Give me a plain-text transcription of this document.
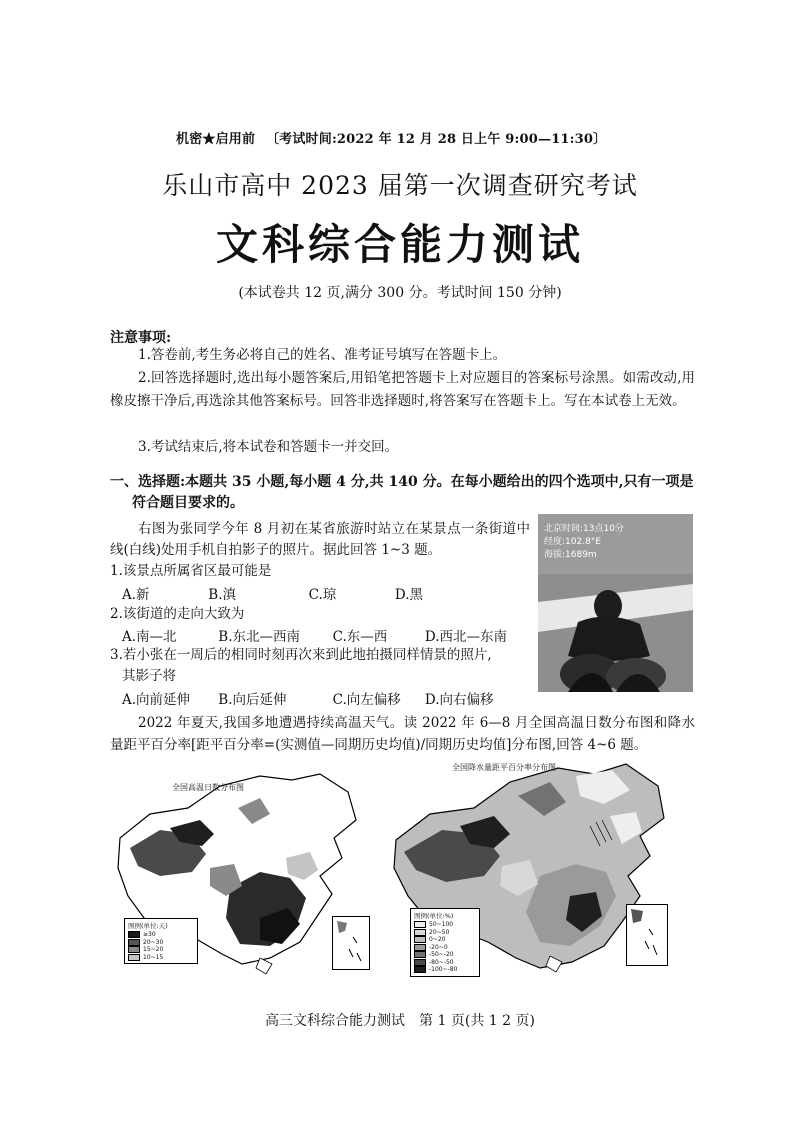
机密★启用前 〔考试时间:2022 年 12 月 28 日上午 9:00—11:30〕
乐山市高中 2023 届第一次调查研究考试
文科综合能力测试
(本试卷共 12 页,满分 300 分。考试时间 150 分钟)
注意事项:
1.答卷前,考生务必将自己的姓名、准考证号填写在答题卡上。
2.回答选择题时,选出每小题答案后,用铅笔把答题卡上对应题目的答案标号涂黑。如需改动,用橡皮擦干净后,再选涂其他答案标号。回答非选择题时,将答案写在答题卡上。写在本试卷上无效。
3.考试结束后,将本试卷和答题卡一并交回。
一、选择题:本题共 35 小题,每小题 4 分,共 140 分。在每小题给出的四个选项中,只有一项是
符合题目要求的。
右图为张同学今年 8 月初在某省旅游时站立在某景点一条街道中线(白线)处用手机自拍影子的照片。据此回答 1~3 题。
1.该景点所属省区最可能是
A.新	B.滇	C.琼	D.黑
2.该街道的走向大致为
A.南—北	B.东北—西南 C.东—西	D.西北—东南
3.若小张在一周后的相同时刻再次来到此地拍摄同样情景的照片,
其影子将
A.向前延伸 B.向后延伸	C.向左偏移 D.向右偏移
北京时间:13点10分
经度:102.8°E
海拔:1689m
2022 年夏天,我国多地遭遇持续高温天气。读 2022 年 6—8 月全国高温日数分布图和降水量距平百分率[距平百分率=(实测值—同期历史均值)/同期历史均值]分布图,回答 4~6 题。
全国高温日数分布图
图例(单位:天)
≥30
20~30
15~20
10~15
全国降水量距平百分率分布图
图例(单位:%)
50~100
20~50
0~20
-20~0
-50~-20
-80~-50
-100~-80
高三文科综合能力测试　第 1 页(共 1 2 页)
